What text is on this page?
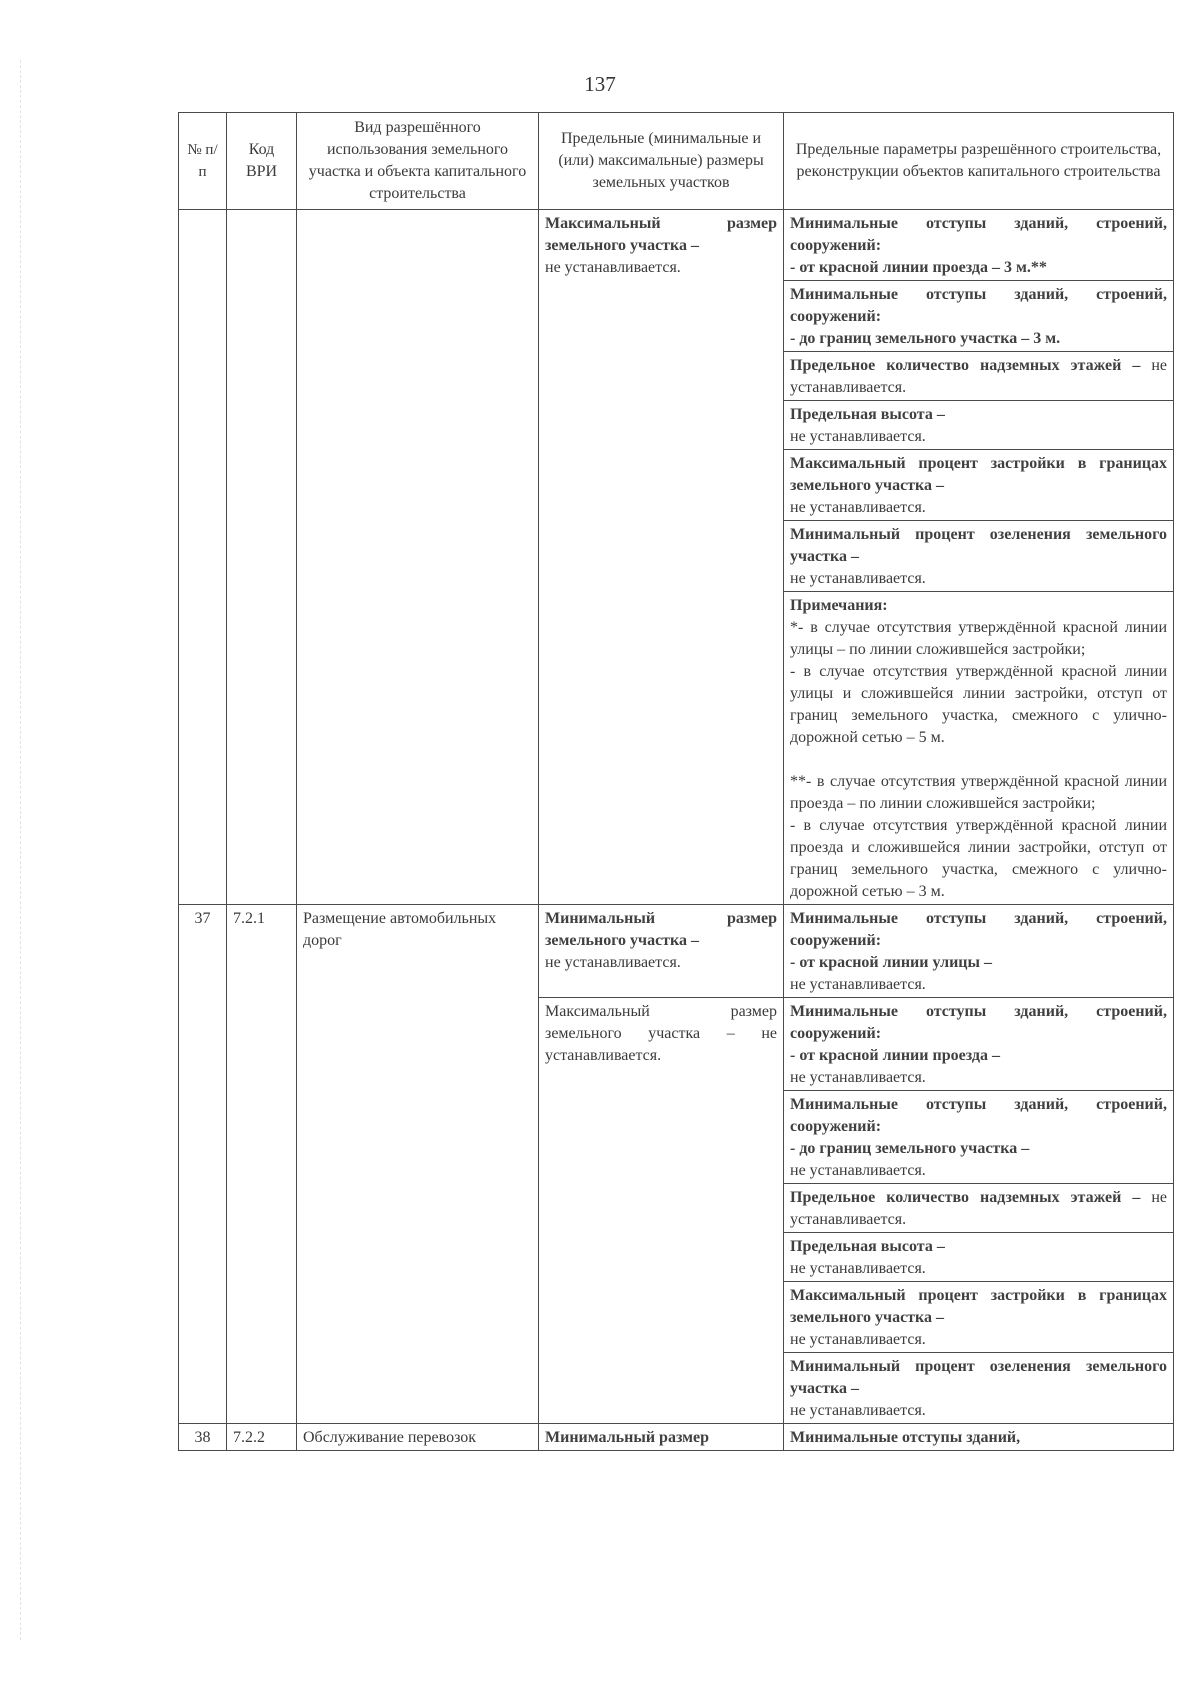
137
№ п/п	Код ВРИ	Вид разрешённого использования земельного участка и объекта капитального строительства	Предельные (минимальные и (или) максимальные) размеры земельных участков	Предельные параметры разрешённого строительства, реконструкции объектов капитального строительства
			Максимальный размер земельного участка –
не устанавливается.	Минимальные отступы зданий, строений, сооружений:
- от красной линии проезда – 3 м.**
				Минимальные отступы зданий, строений, сооружений:
- до границ земельного участка – 3 м.
				Предельное количество надземных этажей – не устанавливается.
				Предельная высота –
не устанавливается.
				Максимальный процент застройки в границах земельного участка –
не устанавливается.
				Минимальный процент озеленения земельного участка –
не устанавливается.

				Примечания:
*- в случае отсутствия утверждённой красной линии улицы – по линии сложившейся застройки;
- в случае отсутствия утверждённой красной линии улицы и сложившейся линии застройки, отступ от границ земельного участка, смежного с улично-дорожной сетью – 5 м.
**- в случае отсутствия утверждённой красной линии проезда – по линии сложившейся застройки;
- в случае отсутствия утверждённой красной линии проезда и сложившейся линии застройки, отступ от границ земельного участка, смежного с улично-дорожной сетью – 3 м.

37	7.2.1	Размещение автомобильных дорог	Минимальный размер земельного участка –
не устанавливается.	Минимальные отступы зданий, строений, сооружений:
- от красной линии улицы –
не устанавливается.
			Максимальный размер земельного участка – не устанавливается.	Минимальные отступы зданий, строений, сооружений:
- от красной линии проезда –
не устанавливается.
				Минимальные отступы зданий, строений, сооружений:
- до границ земельного участка –
не устанавливается.
				Предельное количество надземных этажей – не устанавливается.
				Предельная высота –
не устанавливается.
				Максимальный процент застройки в границах земельного участка –
не устанавливается.
				Минимальный процент озеленения земельного участка –
не устанавливается.
38	7.2.2	Обслуживание перевозок	Минимальный размер	Минимальные отступы зданий,
